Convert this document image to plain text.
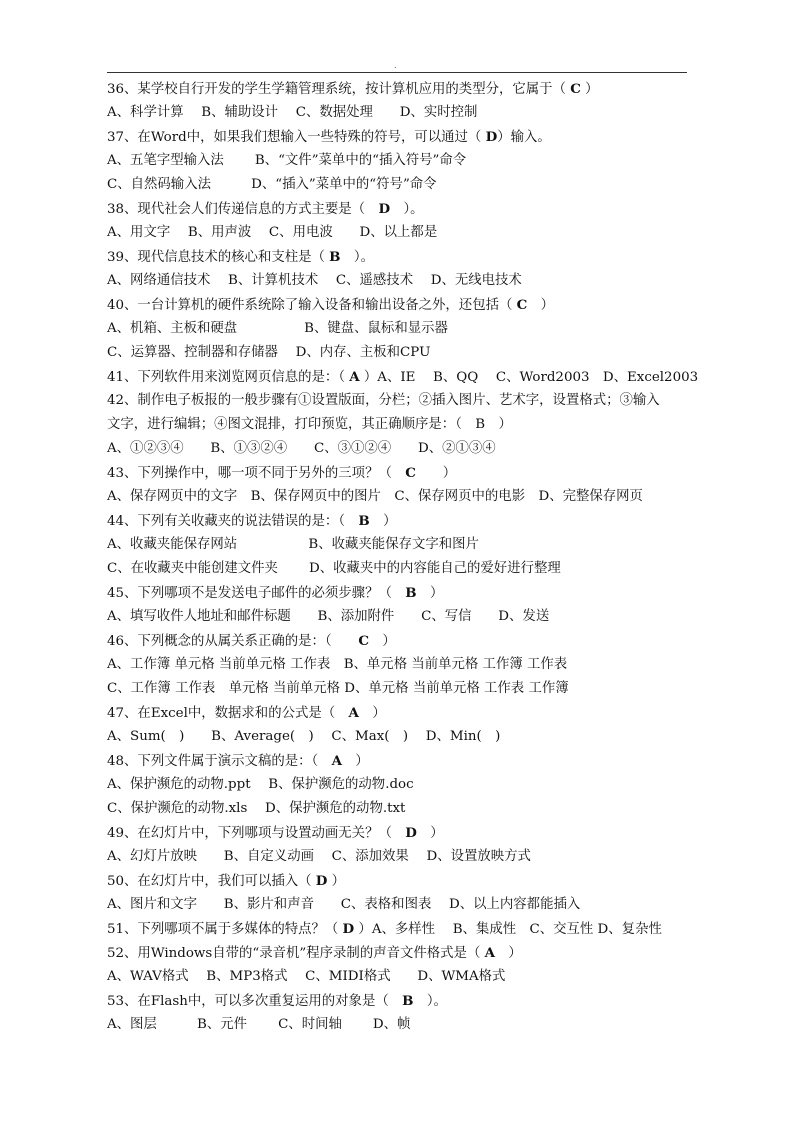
.
36、某学校自行开发的学生学籍管理系统，按计算机应用的类型分，它属于（ C ）
A、科学计算　 B、辅助设计　 C、数据处理　　D、实时控制
37、在Word中，如果我们想输入一些特殊的符号，可以通过（ D）输入。
A、五笔字型输入法　　 B、“文件”菜单中的“插入符号”命令
C、自然码输入法　　　D、“插入”菜单中的“符号”命令
38、现代社会人们传递信息的方式主要是（　D　）。
A、用文字　 B、用声波　 C、用电波　　D、以上都是
39、现代信息技术的核心和支柱是（ B　）。
A、网络通信技术　 B、计算机技术　 C、遥感技术　 D、无线电技术
40、一台计算机的硬件系统除了输入设备和输出设备之外，还包括（ C　）
A、机箱、主板和硬盘　　　　　B、键盘、鼠标和显示器
C、运算器、控制器和存储器　 D、内存、主板和CPU
41、下列软件用来浏览网页信息的是：（ A ）A、IE　 B、QQ　 C、Word2003　D、Excel2003
42、制作电子板报的一般步骤有①设置版面，分栏；②插入图片、艺术字，设置格式；③输入
文字，进行编辑；④图文混排，打印预览，其正确顺序是：（　B　）
A、①②③④　　B、①③②④　　C、③①②④　　D、②①③④
43、下列操作中，哪一项不同于另外的三项？（　C　　）
A、保存网页中的文字　B、保存网页中的图片　C、保存网页中的电影　D、完整保存网页
44、下列有关收藏夹的说法错误的是：（　B　）
A、收藏夹能保存网站　　　　　 B、收藏夹能保存文字和图片
C、在收藏夹中能创建文件夹　　 D、收藏夹中的内容能自己的爱好进行整理
45、下列哪项不是发送电子邮件的必须步骤？（　B　）
A、填写收件人地址和邮件标题　　B、添加附件　　C、写信　　D、发送
46、下列概念的从属关系正确的是：（　　C　）
A、工作簿 单元格 当前单元格 工作表　B、单元格 当前单元格 工作簿 工作表
C、工作簿 工作表　单元格 当前单元格 D、单元格 当前单元格 工作表 工作簿
47、在Excel中，数据求和的公式是（　A　）
A、Sum(　)　　B、Average(　)　 C、Max(　)　 D、Min(　)
48、下列文件属于演示文稿的是：（　A　）
A、保护濒危的动物.ppt　 B、保护濒危的动物.doc
C、保护濒危的动物.xls　 D、保护濒危的动物.txt
49、在幻灯片中，下列哪项与设置动画无关？（　D　）
A、幻灯片放映　　B、自定义动画　 C、添加效果　 D、设置放映方式
50、在幻灯片中，我们可以插入（ D ）
A、图片和文字　　B、影片和声音　　C、表格和图表　 D、以上内容都能插入
51、下列哪项不属于多媒体的特点？（ D ）A、多样性　 B、集成性　C、交互性 D、复杂性
52、用Windows自带的“录音机”程序录制的声音文件格式是（ A　）
A、WAV格式　 B、MP3格式　 C、MIDI格式　　D、WMA格式
53、在Flash中，可以多次重复运用的对象是（　B　）。
A、图层　　　B、元件　　 C、时间轴　　 D、帧
